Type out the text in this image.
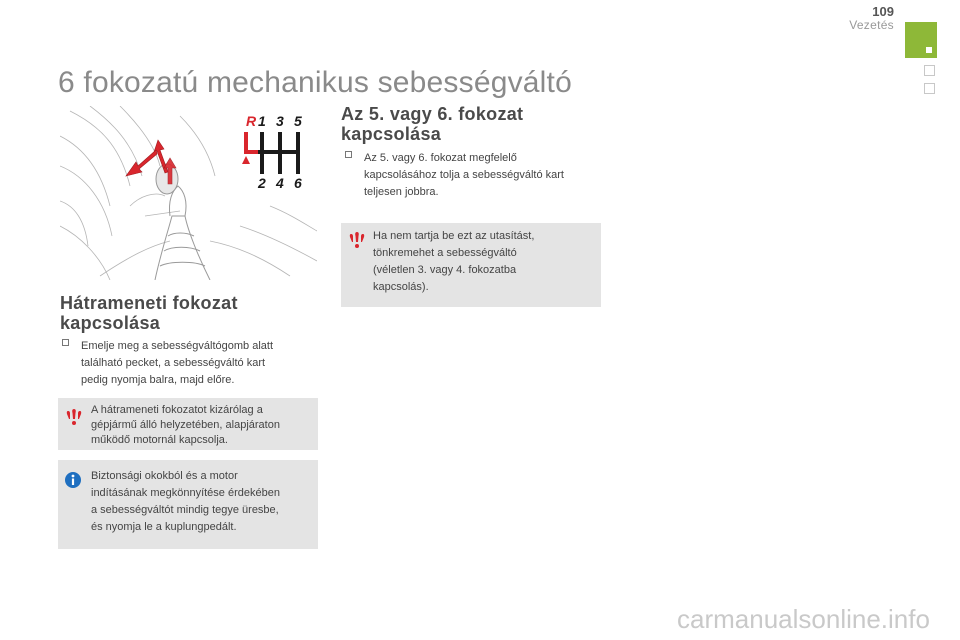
109
Vezetés
6 fokozatú mechanikus sebességváltó
R 1 3 5
2 4 6
Hátrameneti fokozat
kapcsolása
Emelje meg a sebességváltógomb alatt
található pecket, a sebességváltó kart
pedig nyomja balra, majd előre.
A hátrameneti fokozatot kizárólag a
gépjármű álló helyzetében, alapjáraton
működő motornál kapcsolja.
Biztonsági okokból és a motor
indításának megkönnyítése érdekében
a sebességváltót mindig tegye üresbe,
és nyomja le a kuplungpedált.
Az 5. vagy 6. fokozat
kapcsolása
Az 5. vagy 6. fokozat megfelelő
kapcsolásához tolja a sebességváltó kart
teljesen jobbra.
Ha nem tartja be ezt az utasítást,
tönkremehet a sebességváltó
(véletlen 3. vagy 4. fokozatba
kapcsolás).
carmanualsonline.info
